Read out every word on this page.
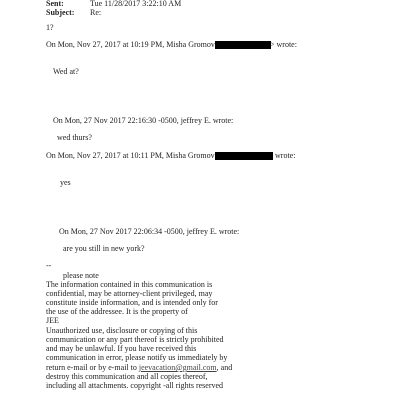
Sent:	Tue 11/28/2017 3:22:10 AM
Subject: Re:
1?
On Mon, Nov 27, 2017 at 10:19 PM, Misha Gromov	> wrote:
Wed at?
On Mon, 27 Nov 2017 22:16:30 -0500, jeffrey E. wrote:
wed thurs?
On Mon, Nov 27, 2017 at 10:11 PM, Misha Gromov	wrote:
yes
On Mon, 27 Nov 2017 22:06:34 -0500, jeffrey E. wrote:
are you still in new york?
--
please note
The information contained in this communication is
confidential, may be attorney-client privileged, may
constitute inside information, and is intended only for
the use of the addressee. It is the property of
JEE
Unauthorized use, disclosure or copying of this
communication or any part thereof is strictly prohibited
and may be unlawful. If you have received this
communication in error, please notify us immediately by
return e-mail or by e-mail to jeevacation@gmail.com, and
destroy this communication and all copies thereof,
including all attachments. copyright -all rights reserved
